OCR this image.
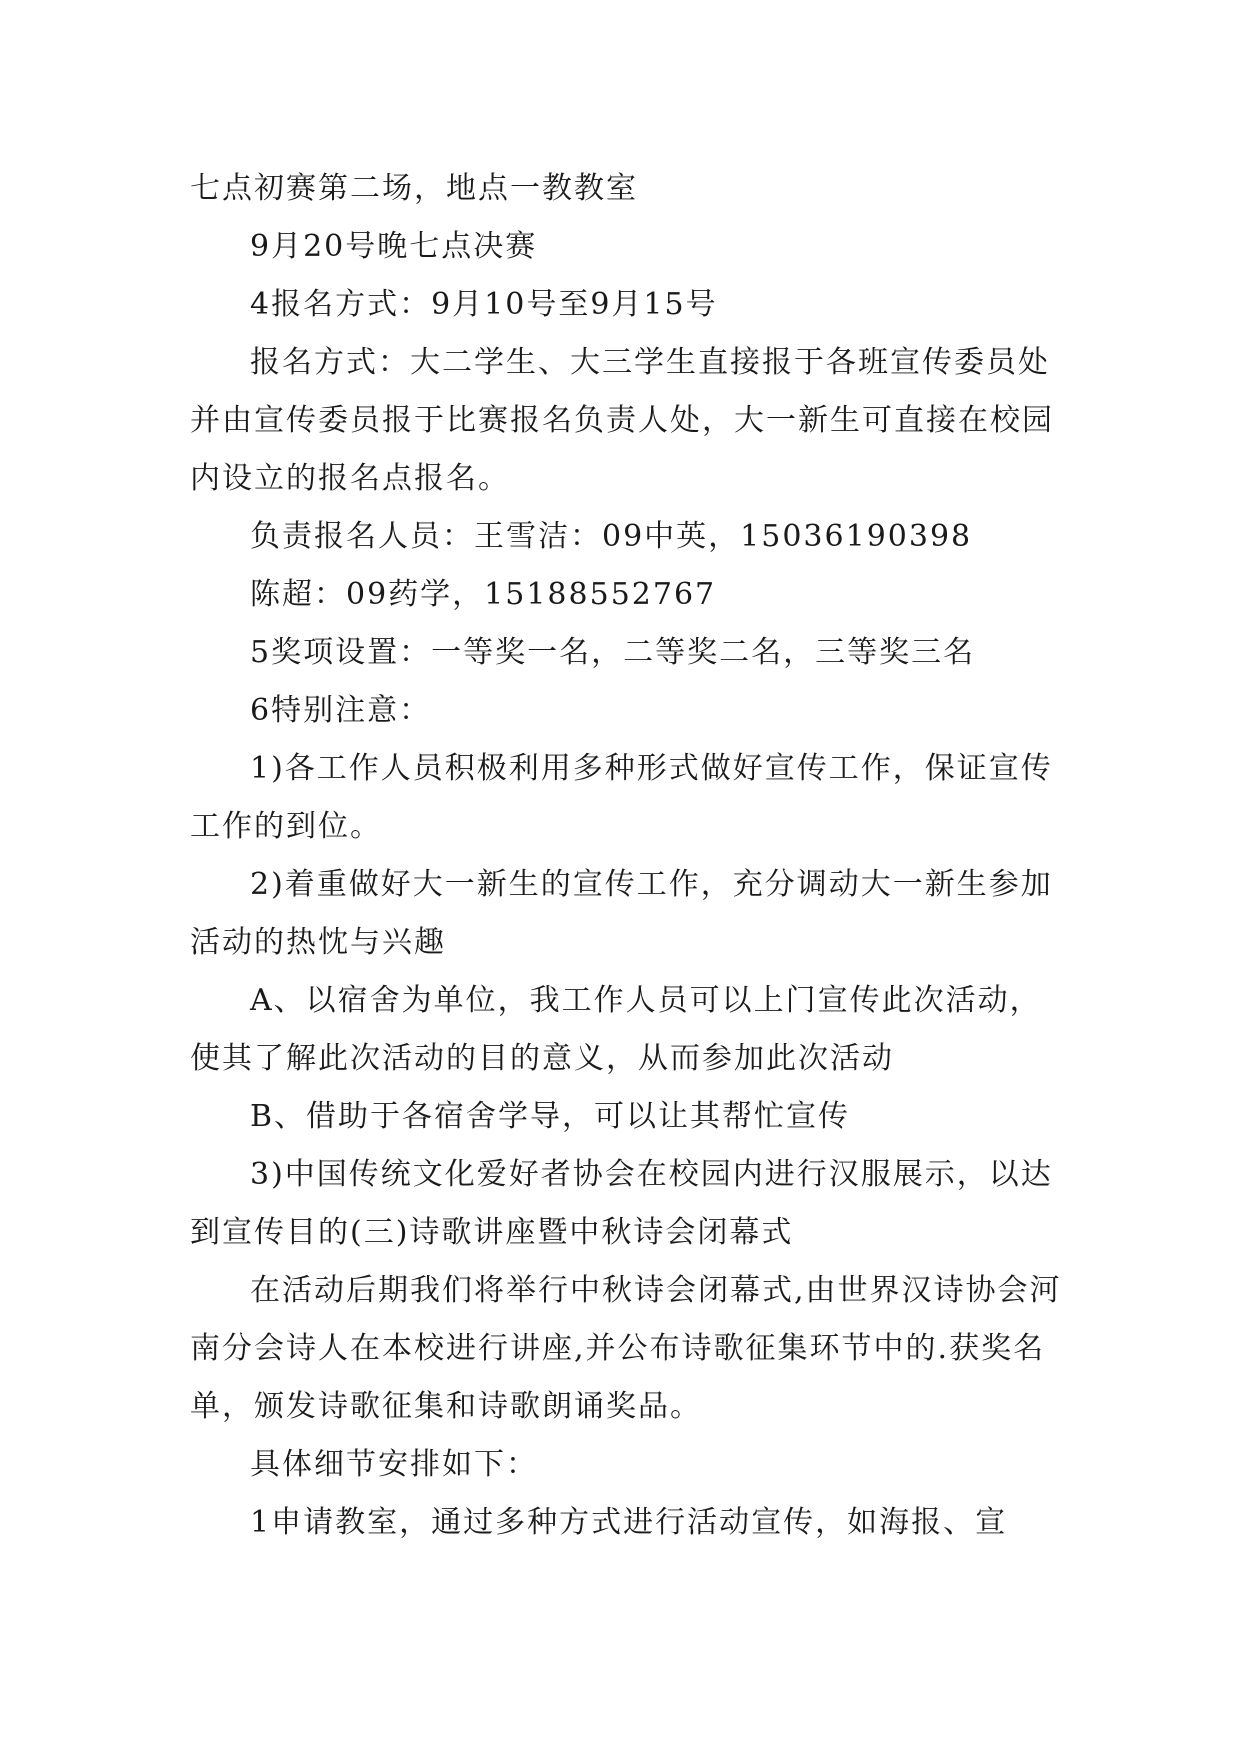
七点初赛第二场，地点一教教室

9月20号晚七点决赛

4报名方式：9月10号至9月15号

报名方式：大二学生、大三学生直接报于各班宣传委员处并由宣传委员报于比赛报名负责人处，大一新生可直接在校园内设立的报名点报名。

负责报名人员：王雪洁：09中英，15036190398

陈超：09药学，15188552767

5奖项设置：一等奖一名，二等奖二名，三等奖三名

6特别注意：

1)各工作人员积极利用多种形式做好宣传工作，保证宣传工作的到位。

2)着重做好大一新生的宣传工作，充分调动大一新生参加活动的热忱与兴趣

A、以宿舍为单位，我工作人员可以上门宣传此次活动，使其了解此次活动的目的意义，从而参加此次活动

B、借助于各宿舍学导，可以让其帮忙宣传

3)中国传统文化爱好者协会在校园内进行汉服展示，以达到宣传目的(三)诗歌讲座暨中秋诗会闭幕式

在活动后期我们将举行中秋诗会闭幕式,由世界汉诗协会河南分会诗人在本校进行讲座,并公布诗歌征集环节中的.获奖名单，颁发诗歌征集和诗歌朗诵奖品。

具体细节安排如下：

1申请教室，通过多种方式进行活动宣传，如海报、宣
